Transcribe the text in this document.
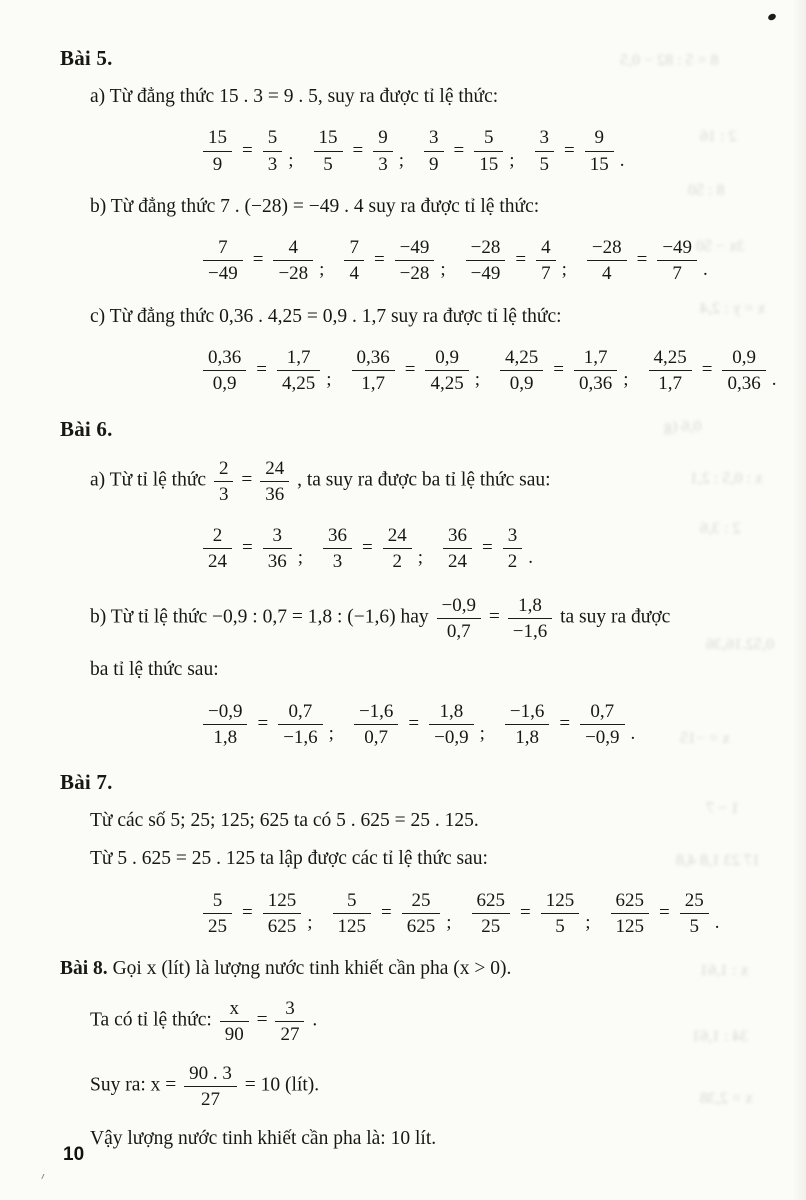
Bài 5.
a) Từ đẳng thức 15 . 3 = 9 . 5, suy ra được tỉ lệ thức:
$\frac{15}{9} = \frac{5}{3}$ ; $\frac{15}{5} = \frac{9}{3}$ ; $\frac{3}{9} = \frac{5}{15}$ ; $\frac{3}{5} = \frac{9}{15}$ .
b) Từ đẳng thức 7 . (−28) = −49 . 4 suy ra được tỉ lệ thức:
$\frac{7}{-49} = \frac{4}{-28}$ ; $\frac{7}{4} = \frac{-49}{-28}$ ; $\frac{-28}{-49} = \frac{4}{7}$ ; $\frac{-28}{4} = \frac{-49}{7}$ .
c) Từ đẳng thức 0,36 . 4,25 = 0,9 . 1,7 suy ra được tỉ lệ thức:
$\frac{0,36}{0,9} = \frac{1,7}{4,25}$ ; $\frac{0,36}{1,7} = \frac{0,9}{4,25}$ ; $\frac{4,25}{0,9} = \frac{1,7}{0,36}$ ; $\frac{4,25}{1,7} = \frac{0,9}{0,36}$ .
Bài 6.
a) Từ tỉ lệ thức $\frac{2}{3} = \frac{24}{36}$ , ta suy ra được ba tỉ lệ thức sau:
$\frac{2}{24} = \frac{3}{36}$ ; $\frac{36}{3} = \frac{24}{2}$ ; $\frac{36}{24} = \frac{3}{2}$ .
b) Từ tỉ lệ thức −0,9 : 0,7 = 1,8 : (−1,6) hay $\frac{-0,9}{0,7} = \frac{1,8}{-1,6}$ ta suy ra được
ba tỉ lệ thức sau:
$\frac{-0,9}{1,8} = \frac{0,7}{-1,6}$ ; $\frac{-1,6}{0,7} = \frac{1,8}{-0,9}$ ; $\frac{-1,6}{1,8} = \frac{0,7}{-0,9}$ .
Bài 7.
Từ các số 5; 25; 125; 625 ta có 5 . 625 = 25 . 125.
Từ 5 . 625 = 25 . 125 ta lập được các tỉ lệ thức sau:
$\frac{5}{25} = \frac{125}{625}$ ; $\frac{5}{125} = \frac{25}{625}$ ; $\frac{625}{25} = \frac{125}{5}$ ; $\frac{625}{125} = \frac{25}{5}$ .
Bài 8. Gọi x (lít) là lượng nước tinh khiết cần pha (x > 0).
Ta có tỉ lệ thức: $\frac{x}{90} = \frac{3}{27}$ .
Suy ra: $x = \frac{90 . 3}{27} = 10$ (lít).
Vậy lượng nước tinh khiết cần pha là: 10 lít.
؍
10
8 = 5 : 82 − 0,5
2 : 16
8 : 50
3x − 50
x = y : 2,4
0,6 (g
x : 0,5 : 2,1
2 : 3,6
0,52.16,36
x = −15
1 − 7
17 23 1,8 4,8
x : 1,61
34 : 1,61
x = 2,38
